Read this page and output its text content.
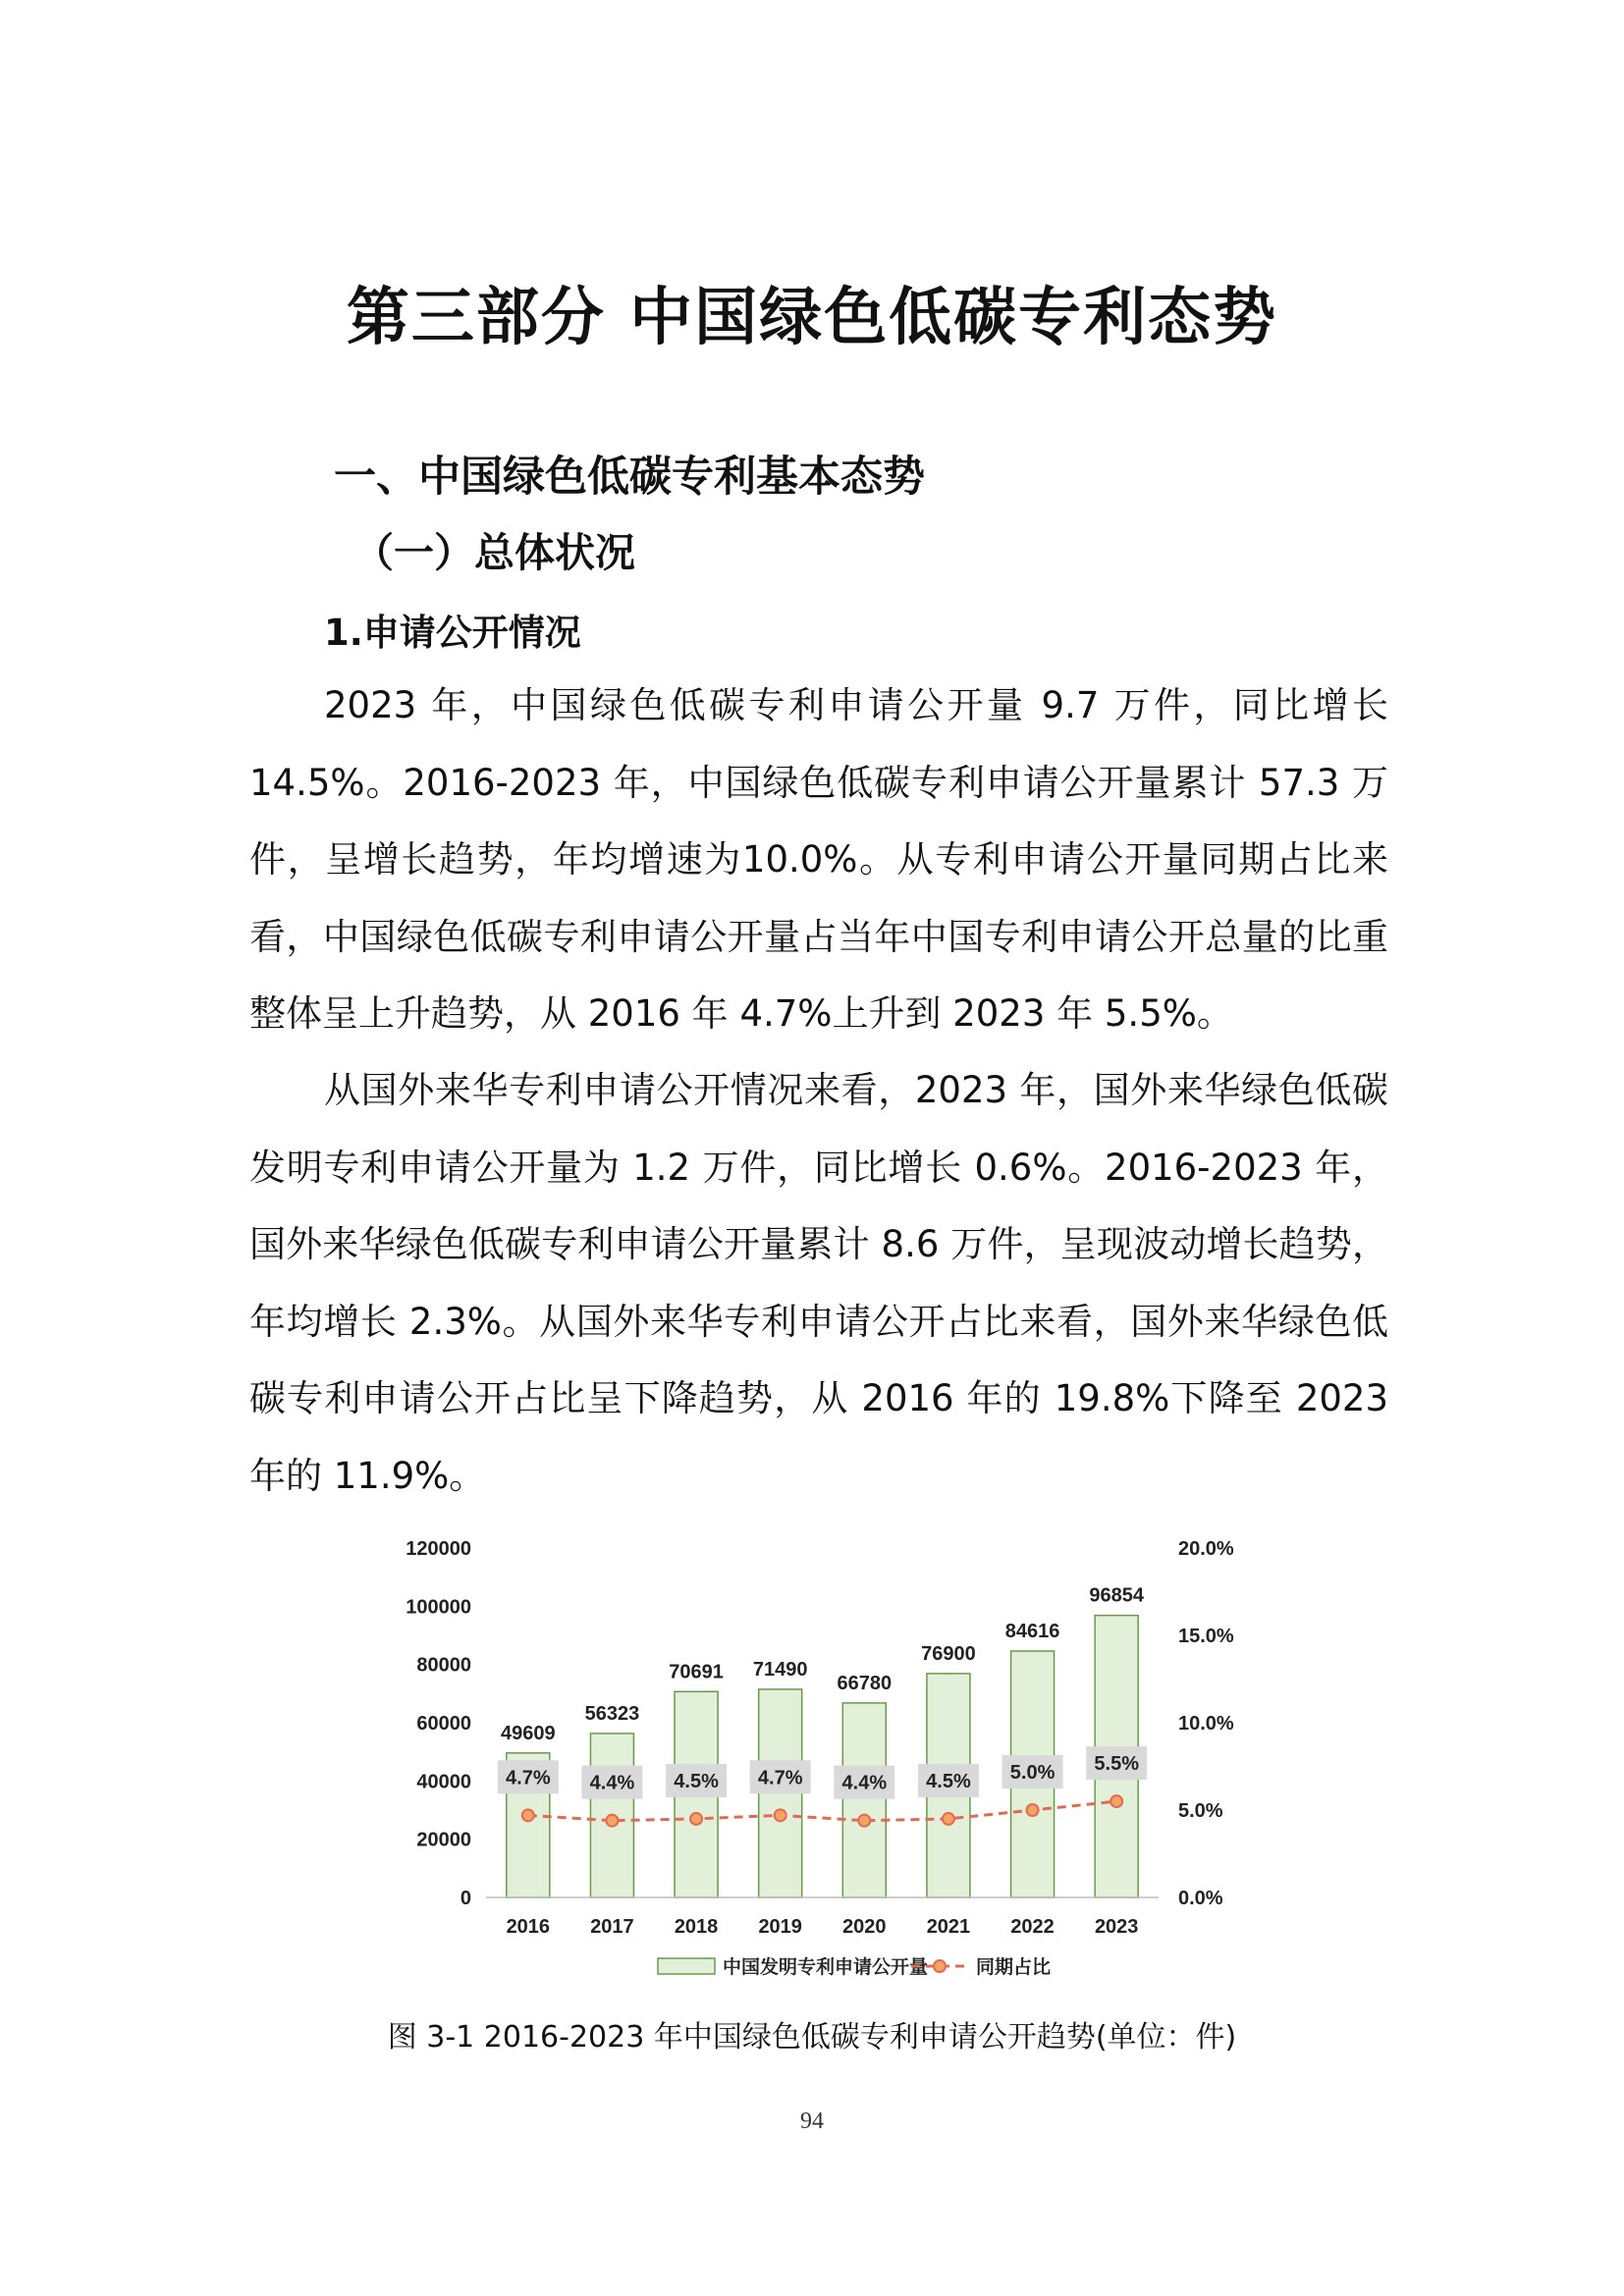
第三部分 中国绿色低碳专利态势
一、中国绿色低碳专利基本态势
（一）总体状况
1.申请公开情况

2023 年，中国绿色低碳专利申请公开量 9.7 万件，同比增长 14.5%。2016-2023 年，中国绿色低碳专利申请公开量累计 57.3 万件，呈增长趋势，年均增速为10.0%。从专利申请公开量同期占比来看，中国绿色低碳专利申请公开量占当年中国专利申请公开总量的比重整体呈上升趋势，从 2016 年 4.7%上升到 2023 年 5.5%。

从国外来华专利申请公开情况来看，2023 年，国外来华绿色低碳发明专利申请公开量为 1.2 万件，同比增长 0.6%。2016-2023 年，国外来华绿色低碳专利申请公开量累计 8.6 万件，呈现波动增长趋势，年均增长 2.3%。从国外来华专利申请公开占比来看，国外来华绿色低碳专利申请公开占比呈下降趋势，从 2016 年的 19.8%下降至 2023 年的 11.9%。

0
20000
40000
60000
80000
100000
120000
0.0%
5.0%
10.0%
15.0%
20.0%
49609
2016
56323
2017
70691
2018
71490
2019
66780
2020
76900
2021
84616
2022
96854
2023
4.7% 4.4% 4.5% 4.7% 4.4% 4.5% 5.0% 5.5%
中国发明专利申请公开量	同期占比
图 3-1 2016-2023 年中国绿色低碳专利申请公开趋势(单位：件)
94
